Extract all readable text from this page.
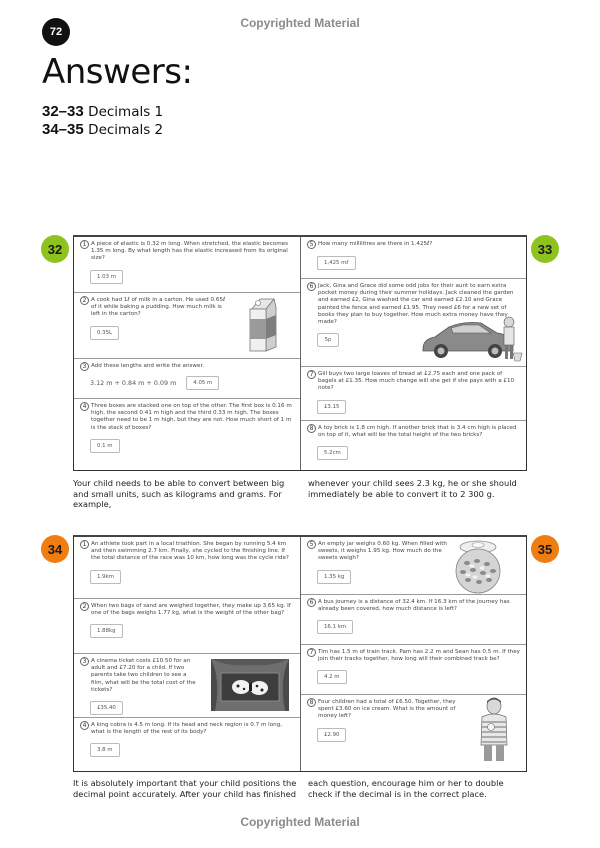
Copyrighted Material
72
Answers:
32–33 Decimals 1
34–35 Decimals 2
32	33
1 A piece of elastic is 0.32 m long. When stretched, the elastic becomes 1.35 m long. By what length has the elastic increased from its original size?
1.03 m
2 A cook had 1ℓ of milk in a carton. He used 0.65ℓ of it while baking a pudding. How much milk is left in the carton?
0.35L
3 Add these lengths and write the answer.
3.12 m + 0.84 m + 0.09 m	4.05 m
4 Three boxes are stacked one on top of the other. The first box is 0.16 m high, the second 0.41 m high and the third 0.33 m high. The boxes together need to be 1 m high, but they are not. How much short of 1 m is the stack of boxes?
0.1 m
5 How many millilitres are there in 1.425ℓ?
1,425 mℓ
6 Jack, Gina and Grace did some odd jobs for their aunt to earn extra pocket money during their summer holidays. Jack cleaned the garden and earned £2, Gina washed the car and earned £2.10 and Grace painted the fence and earned £1.95. They need £6 for a new set of books they plan to buy together. How much extra money have they made?
5p
7 Gill buys two large loaves of bread at £2.75 each and one pack of bagels at £1.35. How much change will she get if she pays with a £10 note?
£3.15
8 A toy brick is 1.8 cm high. If another brick that is 3.4 cm high is placed on top of it, what will be the total height of the two bricks?
5.2cm
Your child needs to be able to convert between big and small units, such as kilograms and grams. For example,
whenever your child sees 2.3 kg, he or she should immediately be able to convert it to 2 300 g.
34	35
1 An athlete took part in a local triathlon. She began by running 5.4 km and then swimming 2.7 km. Finally, she cycled to the finishing line. If the total distance of the race was 10 km, how long was the cycle ride?
1.9km
2 When two bags of sand are weighed together, they make up 3.65 kg. If one of the bags weighs 1.77 kg, what is the weight of the other bag?
1.88kg
3 A cinema ticket costs £10.50 for an adult and £7.20 for a child. If two parents take two children to see a film, what will be the total cost of the tickets?
£35.40
4 A king cobra is 4.5 m long. If its head and neck region is 0.7 m long, what is the length of the rest of its body?
3.8 m
5 An empty jar weighs 0.60 kg. When filled with sweets, it weighs 1.95 kg. How much do the sweets weigh?
1.35 kg
6 A bus journey is a distance of 32.4 km. If 16.3 km of the journey has already been covered, how much distance is left?
16.1 km
7 Tim has 1.5 m of train track. Pam has 2.2 m and Sean has 0.5 m. If they join their tracks together, how long will their combined track be?
4.2 m
8 Four children had a total of £6.50. Together, they spent £3.60 on ice cream. What is the amount of money left?
£2.90
It is absolutely important that your child positions the decimal point accurately. After your child has finished
each question, encourage him or her to double check if the decimal is in the correct place.
Copyrighted Material
